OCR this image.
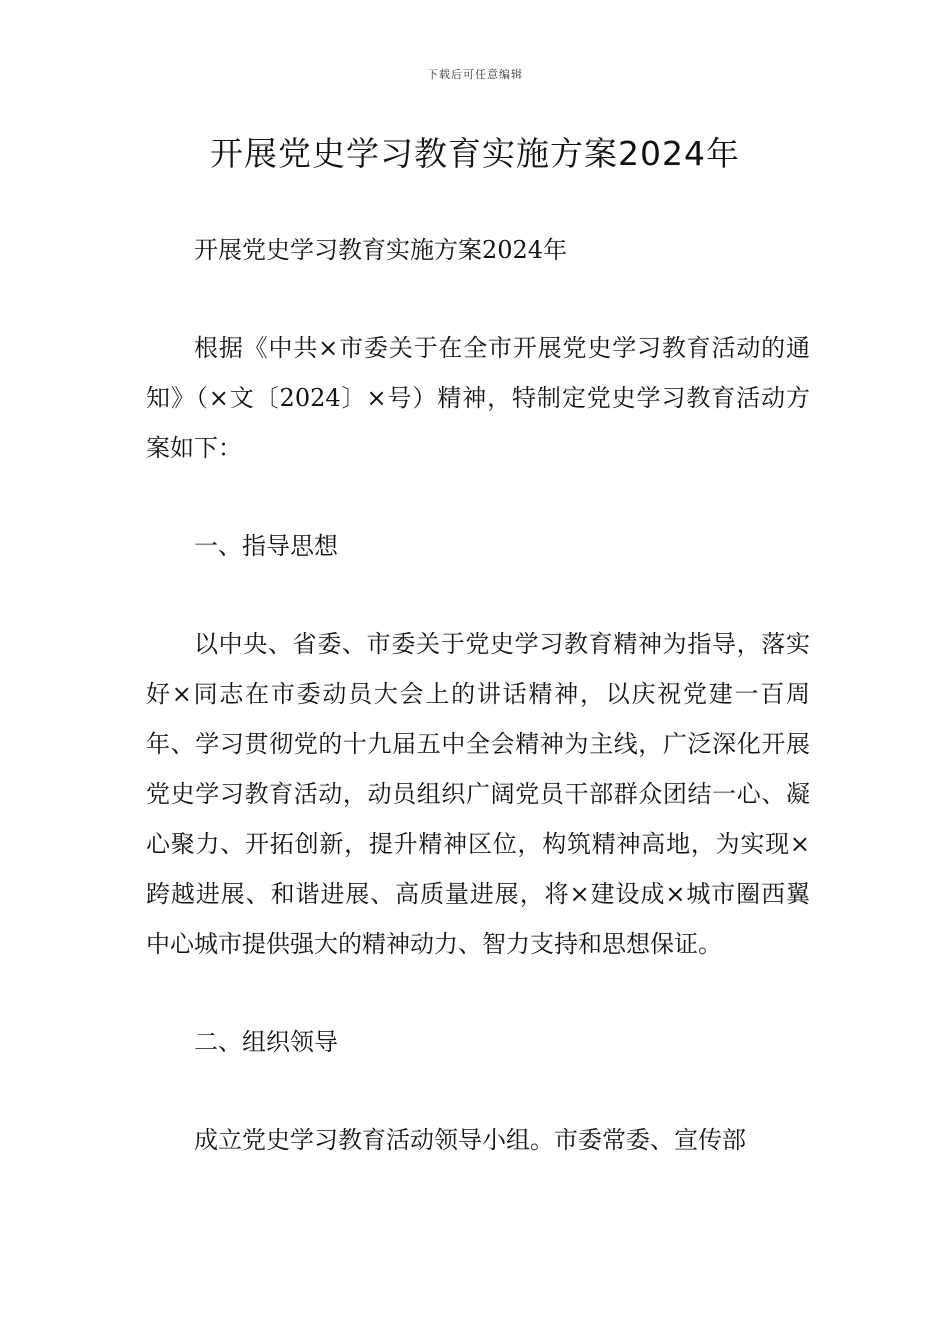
下载后可任意编辑
开展党史学习教育实施方案2024年

开展党史学习教育实施方案2024年

根据《中共×市委关于在全市开展党史学习教育活动的通知》（×文〔2024〕×号）精神，特制定党史学习教育活动方案如下：

一、指导思想

以中央、省委、市委关于党史学习教育精神为指导，落实好×同志在市委动员大会上的讲话精神，以庆祝党建一百周年、学习贯彻党的十九届五中全会精神为主线，广泛深化开展党史学习教育活动，动员组织广阔党员干部群众团结一心、凝心聚力、开拓创新，提升精神区位，构筑精神高地，为实现×跨越进展、和谐进展、高质量进展，将×建设成×城市圈西翼中心城市提供强大的精神动力、智力支持和思想保证。

二、组织领导

成立党史学习教育活动领导小组。市委常委、宣传部
